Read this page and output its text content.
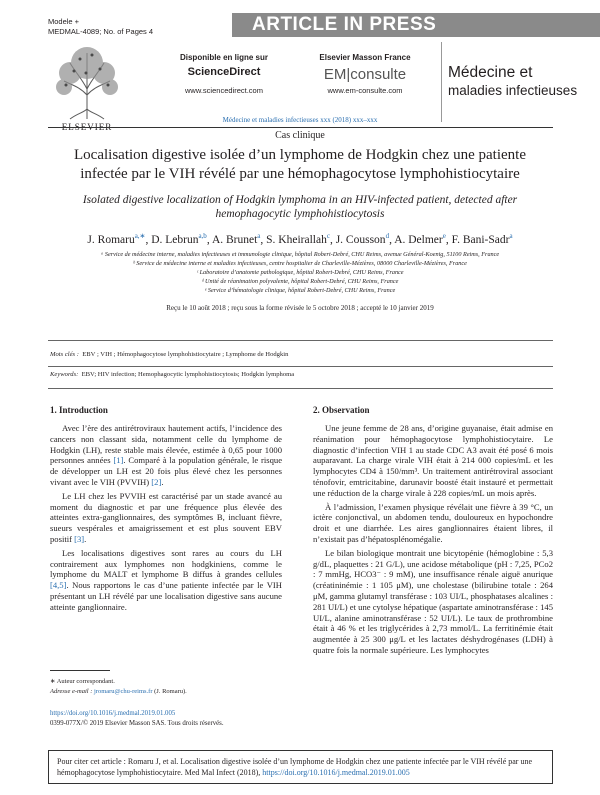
Modele +
MEDMAL-4089; No. of Pages 4	ARTICLE IN PRESS
ELSEVIER
Disponible en ligne sur
ScienceDirect
www.sciencedirect.com
Elsevier Masson France
EM|consulte
www.em-consulte.com
Médecine et
maladies infectieuses
Médecine et maladies infectieuses xxx (2018) xxx–xxx
Cas clinique
Localisation digestive isolée d’un lymphome de Hodgkin chez une patiente
infectée par le VIH révélé par une hémophagocytose lymphohistiocytaire
Isolated digestive localization of Hodgkin lymphoma in an HIV-infected patient, detected after
hemophagocytic lymphohistiocytosis
J. Romaru$^{a,∗}$, D. Lebrun$^{a,b}$, A. Brunet$^a$, S. Kheirallah$^c$, J. Cousson$^d$, A. Delmer$^e$, F. Bani-Sadr$^a$
ᵃ Service de médecine interne, maladies infectieuses et immunologie clinique, hôpital Robert-Debré, CHU Reims, avenue Général-Koenig, 51100 Reims, France
ᵇ Service de médecine interne et maladies infectieuses, centre hospitalier de Charleville-Mézières, 08000 Charleville-Mézières, France
ᶜ Laboratoire d’anatomie pathologique, hôpital Robert-Debré, CHU Reims, France
ᵈ Unité de réanimation polyvalente, hôpital Robert-Debré, CHU Reims, France
ᵉ Service d’hématologie clinique, hôpital Robert-Debré, CHU Reims, France
Reçu le 10 août 2018 ; reçu sous la forme révisée le 5 octobre 2018 ; accepté le 10 janvier 2019
Mots clés : EBV ; VIH ; Hémophagocytose lymphohistiocytaire ; Lymphome de Hodgkin
Keywords: EBV; HIV infection; Hemophagocytic lymphohistiocytosis; Hodgkin lymphoma
1. Introduction

Avec l’ère des antirétroviraux hautement actifs, l’incidence des cancers non classant sida, notamment celle du lymphome de Hodgkin (LH), reste stable mais élevée, estimée à 0,65 pour 1000 personnes années [1]. Comparé à la population générale, le risque de développer un LH est 20 fois plus élevé chez les personnes vivant avec le VIH (PVVIH) [2].

Le LH chez les PVVIH est caractérisé par un stade avancé au moment du diagnostic et par une fréquence plus élevée des atteintes extra-ganglionnaires, des symptômes B, incluant fièvre, sueurs vespérales et amaigrissement et est plus souvent EBV positif [3].

Les localisations digestives sont rares au cours du LH contrairement aux lymphomes non hodgkiniens, comme le lymphome du MALT et lymphome B diffus à grandes cellules [4,5]. Nous rapportons le cas d’une patiente infectée par le VIH présentant un LH révélé par une localisation digestive sans aucune atteinte ganglionnaire.

2. Observation

Une jeune femme de 28 ans, d’origine guyanaise, était admise en réanimation pour hémophagocytose lymphohistiocytaire. Le diagnostic d’infection VIH 1 au stade CDC A3 avait été posé 6 mois auparavant. La charge virale VIH était à 214 000 copies/mL et les lymphocytes CD4 à 150/mm³. Un traitement antirétroviral associant ténofovir, emtricitabine, darunavir boosté était instauré et permettait une réduction de la charge virale à 228 copies/mL un mois après.

À l’admission, l’examen physique révélait une fièvre à 39 °C, un ictère conjonctival, un abdomen tendu, douloureux en hypochondre droit et une diarrhée. Les aires ganglionnaires étaient libres, il n’existait pas d’hépatosplénomégalie.

Le bilan biologique montrait une bicytopénie (hémoglobine : 5,3 g/dL, plaquettes : 21 G/L), une acidose métabolique (pH : 7,25, PCo2 : 7 mmHg, HCO3⁻ : 9 mM), une insuffisance rénale aiguë anurique (créatininémie : 1 105 μM), une cholestase (bilirubine totale : 264 μM, gamma glutamyl transférase : 103 UI/L, phosphatases alcalines : 281 UI/L) et une cytolyse hépatique (aspartate aminotransférase : 145 UI/L, alanine aminotransférase : 52 UI/L). Le taux de prothrombine était à 46 % et les triglycérides à 2,73 mmol/L. La ferritinémie était augmentée à 25 300 μg/L et les lactates déshydrogénases (LDH) à quatre fois la normale supérieure. Les lymphocytes

∗ Auteur correspondant.
Adresse e-mail : jromaru@chu-reims.fr (J. Romaru).
https://doi.org/10.1016/j.medmal.2019.01.005
0399-077X/© 2019 Elsevier Masson SAS. Tous droits réservés.
Pour citer cet article : Romaru J, et al. Localisation digestive isolée d’un lymphome de Hodgkin chez une patiente infectée par le VIH révélé par une hémophagocytose lymphohistiocytaire. Med Mal Infect (2018), https://doi.org/10.1016/j.medmal.2019.01.005
